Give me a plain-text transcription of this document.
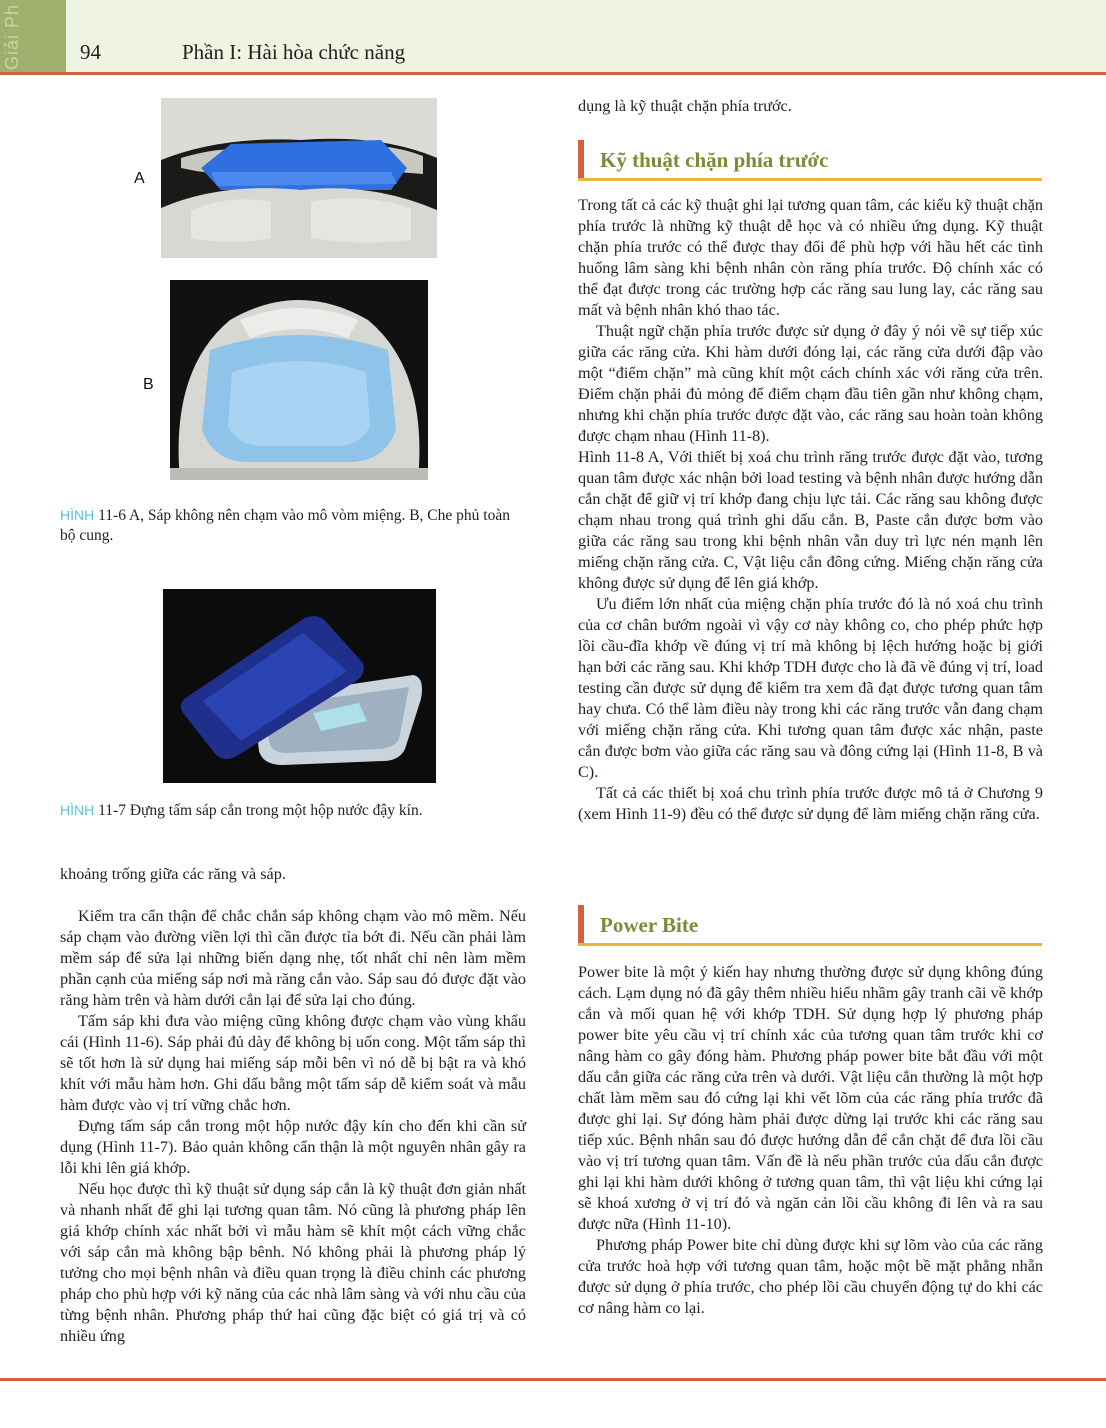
Giải Ph	94	Phần I: Hài hòa chức năng
A
B
HÌNH 11-6 A, Sáp không nên chạm vào mô vòm miệng. B, Che phủ toàn bộ cung.
HÌNH 11-7 Đựng tấm sáp cắn trong một hộp nước đậy kín.

khoảng trống giữa các răng và sáp.

Kiểm tra cẩn thận để chắc chắn sáp không chạm vào mô mềm. Nếu sáp chạm vào đường viền lợi thì cần được tỉa bớt đi. Nếu cần phải làm mềm sáp để sửa lại những biến dạng nhẹ, tốt nhất chỉ nên làm mềm phần cạnh của miếng sáp nơi mà răng cắn vào. Sáp sau đó được đặt vào răng hàm trên và hàm dưới cắn lại để sửa lại cho đúng.

Tấm sáp khi đưa vào miệng cũng không được chạm vào vùng khẩu cái (Hình 11-6). Sáp phải đủ dày để không bị uốn cong. Một tấm sáp thì sẽ tốt hơn là sử dụng hai miếng sáp mỗi bên vì nó dễ bị bật ra và khó khít với mẫu hàm hơn. Ghi dấu bằng một tấm sáp dễ kiểm soát và mẫu hàm được vào vị trí vững chắc hơn.

Đựng tấm sáp cắn trong một hộp nước đậy kín cho đến khi cần sử dụng (Hình 11-7). Bảo quản không cẩn thận là một nguyên nhân gây ra lỗi khi lên giá khớp.

Nếu học được thì kỹ thuật sử dụng sáp cắn là kỹ thuật đơn giản nhất và nhanh nhất để ghi lại tương quan tâm. Nó cũng là phương pháp lên giá khớp chính xác nhất bởi vì mẫu hàm sẽ khít một cách vững chắc với sáp cắn mà không bập bênh. Nó không phải là phương pháp lý tưởng cho mọi bệnh nhân và điều quan trọng là điều chỉnh các phương pháp cho phù hợp với kỹ năng của các nhà lâm sàng và với nhu cầu của từng bệnh nhân. Phương pháp thứ hai cũng đặc biệt có giá trị và có nhiều ứng

dụng là kỹ thuật chặn phía trước.

Kỹ thuật chặn phía trước

Trong tất cả các kỹ thuật ghi lại tương quan tâm, các kiểu kỹ thuật chặn phía trước là những kỹ thuật dễ học và có nhiều ứng dụng. Kỹ thuật chặn phía trước có thể được thay đổi để phù hợp với hầu hết các tình huống lâm sàng khi bệnh nhân còn răng phía trước. Độ chính xác có thể đạt được trong các trường hợp các răng sau lung lay, các răng sau mất và bệnh nhân khó thao tác.

Thuật ngữ chặn phía trước được sử dụng ở đây ý nói về sự tiếp xúc giữa các răng cửa. Khi hàm dưới đóng lại, các răng cửa dưới đập vào một “điểm chặn” mà cũng khít một cách chính xác với răng cửa trên. Điểm chặn phải đủ mỏng để điểm chạm đầu tiên gần như không chạm, nhưng khi chặn phía trước được đặt vào, các răng sau hoàn toàn không được chạm nhau (Hình 11-8).

Hình 11-8 A, Với thiết bị xoá chu trình răng trước được đặt vào, tương quan tâm được xác nhận bởi load testing và bệnh nhân được hướng dẫn cắn chặt để giữ vị trí khớp đang chịu lực tải. Các răng sau không được chạm nhau trong quá trình ghi dấu cắn. B, Paste cắn được bơm vào giữa các răng sau trong khi bệnh nhân vẫn duy trì lực nén mạnh lên miếng chặn răng cửa. C, Vật liệu cắn đông cứng. Miếng chặn răng cửa không được sử dụng để lên giá khớp.

Ưu điểm lớn nhất của miệng chặn phía trước đó là nó xoá chu trình của cơ chân bướm ngoài vì vậy cơ này không co, cho phép phức hợp lồi cầu-đĩa khớp về đúng vị trí mà không bị lệch hướng hoặc bị giới hạn bởi các răng sau. Khi khớp TDH được cho là đã về đúng vị trí, load testing cần được sử dụng để kiểm tra xem đã đạt được tương quan tâm hay chưa. Có thể làm điều này trong khi các răng trước vẫn đang chạm với miếng chặn răng cửa. Khi tương quan tâm được xác nhận, paste cắn được bơm vào giữa các răng sau và đông cứng lại (Hình 11-8, B và C).

Tất cả các thiết bị xoá chu trình phía trước được mô tả ở Chương 9 (xem Hình 11-9) đều có thể được sử dụng để làm miếng chặn răng cửa.

Power Bite

Power bite là một ý kiến hay nhưng thường được sử dụng không đúng cách. Lạm dụng nó đã gây thêm nhiều hiểu nhầm gây tranh cãi về khớp cắn và mối quan hệ với khớp TDH. Sử dụng hợp lý phương pháp power bite yêu cầu vị trí chính xác của tương quan tâm trước khi cơ nâng hàm co gây đóng hàm. Phương pháp power bite bắt đầu với một dấu cắn giữa các răng cửa trên và dưới. Vật liệu cắn thường là một hợp chất làm mềm sau đó cứng lại khi vết lõm của các răng phía trước đã được ghi lại. Sự đóng hàm phải được dừng lại trước khi các răng sau tiếp xúc. Bệnh nhân sau đó được hướng dẫn để cắn chặt để đưa lồi cầu vào vị trí tương quan tâm. Vấn đề là nếu phần trước của dấu cắn được ghi lại khi hàm dưới không ở tương quan tâm, thì vật liệu khi cứng lại sẽ khoá xương ở vị trí đó và ngăn cản lồi cầu không đi lên và ra sau được nữa (Hình 11-10).

Phương pháp Power bite chỉ dùng được khi sự lõm vào của các răng cửa trước hoà hợp với tương quan tâm, hoặc một bề mặt phẳng nhẵn được sử dụng ở phía trước, cho phép lồi cầu chuyển động tự do khi các cơ nâng hàm co lại.
